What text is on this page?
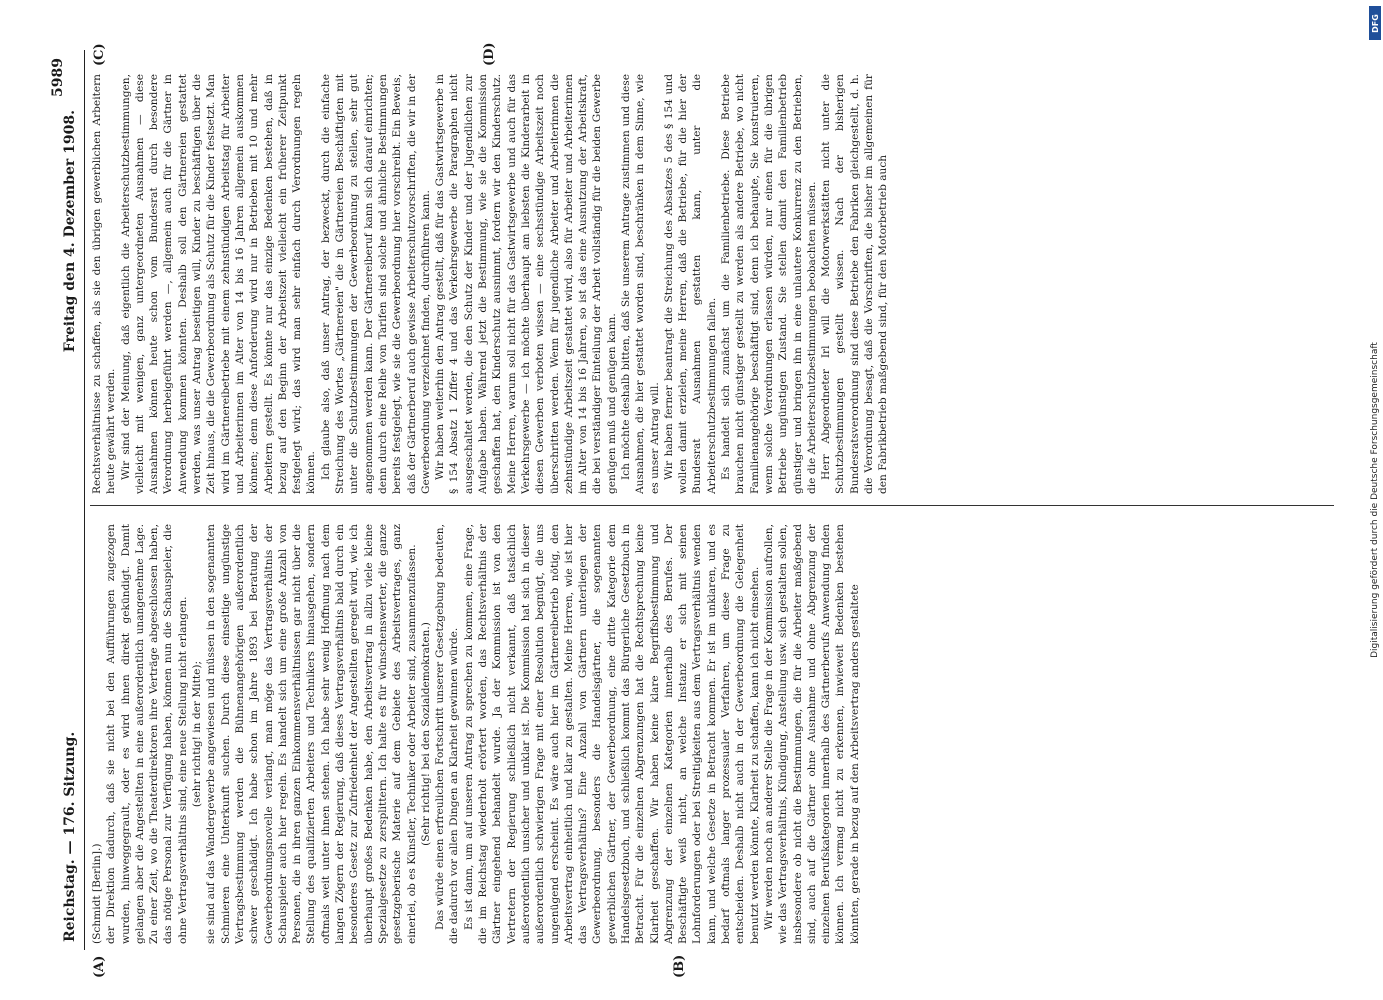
Reichstag. — 176. Sitzung.
Freitag den 4. Dezember 1908.
5989
(A)	(B)
(C)	(D)

(Schmidt [Berlin].) der Direktion dadurch, daß sie nicht bei den Aufführungen zugezogen wurden, hinweggegrault, oder es wird ihnen direkt gekündigt. Damit gelangen aber die Angestellten in eine außerordentlich unangenehme Lage. Zu einer Zeit, wo die Theaterdirektoren ihre Verträge abgeschlossen haben, das nötige Personal zur Verfügung haben, können nun die Schauspieler, die ohne Vertragsverhältnis sind, eine neue Stellung nicht erlangen. (sehr richtig! in der Mitte); sie sind auf das Wandergewerbe angewiesen und müssen in den sogenannten Schmieren eine Unterkunft suchen. Durch diese einseitige ungünstige Vertragsbestimmung werden die Bühnenangehörigen außerordentlich schwer geschädigt. Ich habe schon im Jahre 1893 bei Beratung der Gewerbeordnungsnovelle verlangt, man möge das Vertragsverhältnis der Schauspieler auch hier regeln. Es handelt sich um eine große Anzahl von Personen, die in ihren ganzen Einkommensverhältnissen gar nicht über die Stellung des qualifizierten Arbeiters und Technikers hinausgehen, sondern oftmals weit unter ihnen stehen. Ich habe sehr wenig Hoffnung nach dem langen Zögern der Regierung, daß dieses Vertragsverhältnis bald durch ein besonderes Gesetz zur Zufriedenheit der Angestellten geregelt wird, wie ich überhaupt großes Bedenken habe, den Arbeitsvertrag in allzu viele kleine Spezialgesetze zu zersplittern. Ich halte es für wünschenswerter, die ganze gesetzgeberische Materie auf dem Gebiete des Arbeitsvertrages, ganz einerlei, ob es Künstler, Techniker oder Arbeiter sind, zusammenzufassen. (Sehr richtig! bei den Sozialdemokraten.) Das würde einen erfreulichen Fortschritt unserer Gesetzgebung bedeuten, die dadurch vor allen Dingen an Klarheit gewinnen würde. Es ist dann, um auf unseren Antrag zu sprechen zu kommen, eine Frage, die im Reichstag wiederholt erörtert worden, das Rechtsverhältnis der Gärtner eingehend behandelt wurde. Ja der Kommission ist von den Vertretern der Regierung schließlich nicht verkannt, daß tatsächlich außerordentlich unsicher und unklar ist. Die Kommission hat sich in dieser außerordentlich schwierigen Frage mit einer Resolution begnügt, die uns ungenügend erscheint. Es wäre auch hier im Gärtnereibetrieb nötig, den Arbeitsvertrag einheitlich und klar zu gestalten. Meine Herren, wie ist hier das Vertragsverhältnis? Eine Anzahl von Gärtnern unterliegen der Gewerbeordnung, besonders die Handelsgärtner, die sogenannten gewerblichen Gärtner, der Gewerbeordnung, eine dritte Kategorie dem Handelsgesetzbuch, und schließlich kommt das Bürgerliche Gesetzbuch in Betracht. Für die einzelnen Abgrenzungen hat die Rechtsprechung keine Klarheit geschaffen. Wir haben keine klare Begriffsbestimmung und Abgrenzung der einzelnen Kategorien innerhalb des Berufes. Der Beschäftigte weiß nicht, an welche Instanz er sich mit seinen Lohnforderungen oder bei Streitigkeiten aus dem Vertragsverhältnis wenden kann, und welche Gesetze in Betracht kommen. Er ist im unklaren, und es bedarf oftmals langer prozessualer Verfahren, um diese Frage zu entscheiden. Deshalb nicht auch in der Gewerbeordnung die Gelegenheit benutzt werden könnte, Klarheit zu schaffen, kann ich nicht einsehen. Wir werden noch an anderer Stelle die Frage in der Kommission aufrollen, wie das Vertragsverhältnis, Kündigung, Anstellung usw. sich gestalten sollen, insbesondere ob nicht die Bestimmungen, die für die Arbeiter maßgebend sind, auch auf die Gärtner ohne Ausnahme und ohne Abgrenzung der einzelnen Berufskategorien innerhalb des Gärtnerberufs Anwendung finden können. Ich vermag nicht zu erkennen, inwieweit Bedenken bestehen könnten, gerade in bezug auf den Arbeitsvertrag anders gestaltete

Rechtsverhältnisse zu schaffen, als sie den übrigen gewerblichen Arbeitern heute gewährt werden. Wir sind der Meinung, daß eigentlich die Arbeiterschutzbestimmungen, vielleicht mit wenigen, ganz untergeordneten Ausnahmen — diese Ausnahmen können heute schon vom Bundesrat durch besondere Verordnung herbeigeführt werden —, allgemein auch für die Gärtner in Anwendung kommen könnten. Deshalb soll den Gärtnereien gestattet werden, was unser Antrag beseitigen will, Kinder zu beschäftigen über die Zeit hinaus, die die Gewerbeordnung als Schutz für die Kinder festsetzt. Man wird im Gärtnereibetriebe mit einem zehnstündigen Arbeitstag für Arbeiter und Arbeiterinnen im Alter von 14 bis 16 Jahren allgemein auskommen können; denn diese Anforderung wird nur in Betrieben mit 10 und mehr Arbeitern gestellt. Es könnte nur das einzige Bedenken bestehen, daß in bezug auf den Beginn der Arbeitszeit vielleicht ein früherer Zeitpunkt festgelegt wird; das wird man sehr einfach durch Verordnungen regeln können. Ich glaube also, daß unser Antrag, der bezweckt, durch die einfache Streichung des Wortes „Gärtnereien" die in Gärtnereien Beschäftigten mit unter die Schutzbestimmungen der Gewerbeordnung zu stellen, sehr gut angenommen werden kann. Der Gärtnereiberuf kann sich darauf einrichten; denn durch eine Reihe von Tarifen sind solche und ähnliche Bestimmungen bereits festgelegt, wie sie die Gewerbeordnung hier vorschreibt. Ein Beweis, daß der Gärtnerberuf auch gewisse Arbeiterschutzvorschriften, die wir in der Gewerbeordnung verzeichnet finden, durchführen kann. Wir haben weiterhin den Antrag gestellt, daß für das Gastwirtsgewerbe in § 154 Absatz 1 Ziffer 4 und das Verkehrsgewerbe die Paragraphen nicht ausgeschaltet werden, die den Schutz der Kinder und der Jugendlichen zur Aufgabe haben. Während jetzt die Bestimmung, wie sie die Kommission geschaffen hat, den Kinderschutz ausnimmt, fordern wir den Kinderschutz. Meine Herren, warum soll nicht für das Gastwirtsgewerbe und auch für das Verkehrsgewerbe — ich möchte überhaupt am liebsten die Kinderarbeit in diesen Gewerben verboten wissen — eine sechsstündige Arbeitszeit noch überschritten werden. Wenn für jugendliche Arbeiter und Arbeiterinnen die zehnstündige Arbeitszeit gestattet wird, also für Arbeiter und Arbeiterinnen im Alter von 14 bis 16 Jahren, so ist das eine Ausnutzung der Arbeitskraft, die bei verständiger Einteilung der Arbeit vollständig für die beiden Gewerbe genügen muß und genügen kann. Ich möchte deshalb bitten, daß Sie unserem Antrage zustimmen und diese Ausnahmen, die hier gestattet worden sind, beschränken in dem Sinne, wie es unser Antrag will. Wir haben ferner beantragt die Streichung des Absatzes 5 des § 154 und wollen damit erzielen, meine Herren, daß die Betriebe, für die hier der Bundesrat Ausnahmen gestatten kann, unter die Arbeiterschutzbestimmungen fallen. Es handelt sich zunächst um die Familienbetriebe. Diese Betriebe brauchen nicht günstiger gestellt zu werden als andere Betriebe, wo nicht Familienangehörige beschäftigt sind, denn ich behaupte, Sie konstruieren, wenn solche Verordnungen erlassen würden, nur einen für die übrigen Betriebe ungünstigen Zustand. Sie stellen damit den Familienbetrieb günstiger und bringen ihn in eine unlautere Konkurrenz zu den Betrieben, die die Arbeiterschutzbestimmungen beobachten müssen. Herr Abgeordneter Irl will die Motorwerkstätten nicht unter die Schutzbestimmungen gestellt wissen. Nach der bisherigen Bundesratsverordnung sind diese Betriebe den Fabriken gleichgestellt, d. h. die Verordnung besagt, daß die Vorschriften, die bisher im allgemeinen für den Fabrikbetrieb maßgebend sind, für den Motorbetrieb auch

DFG
Digitalisierung gefördert durch die Deutsche Forschungsgemeinschaft
